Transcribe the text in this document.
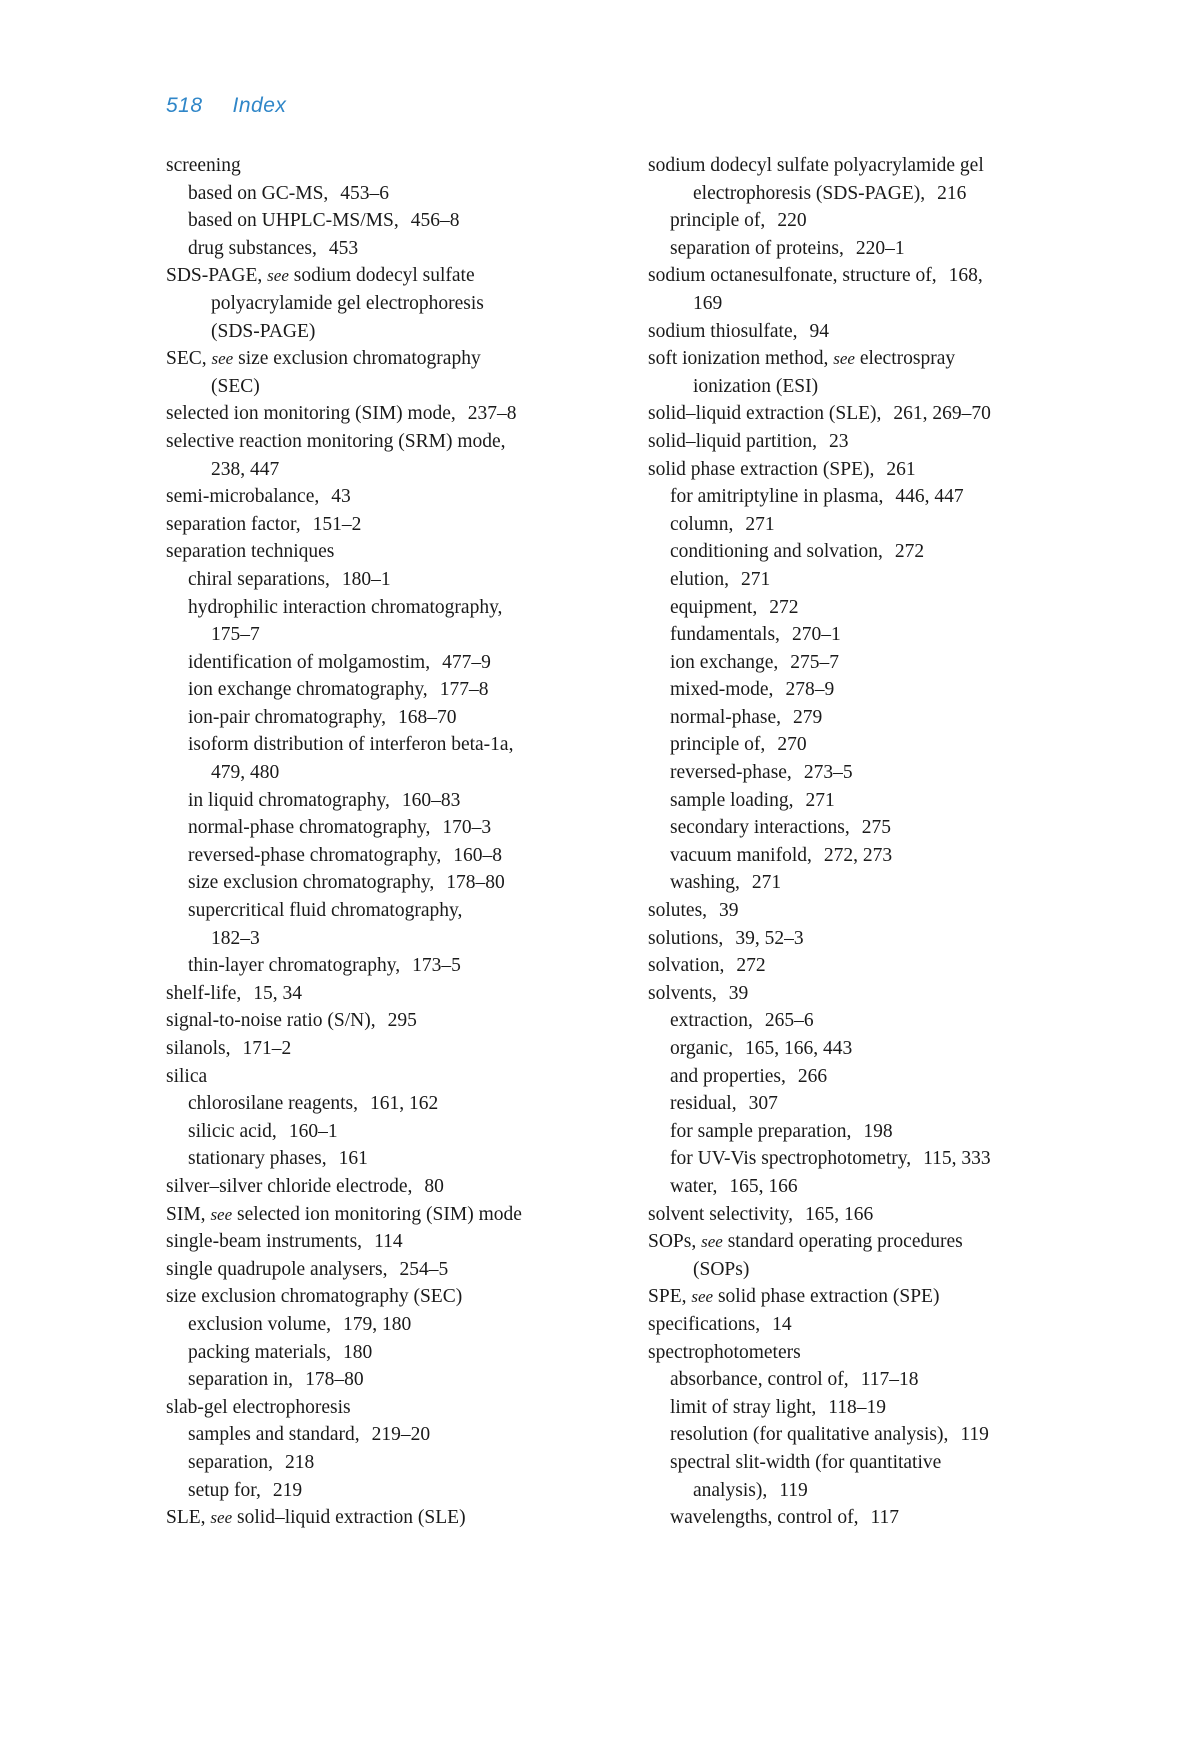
518 Index
screening
based on GC-MS, 453–6
based on UHPLC-MS/MS, 456–8
drug substances, 453
SDS-PAGE, see sodium dodecyl sulfate
polyacrylamide gel electrophoresis
(SDS-PAGE)
SEC, see size exclusion chromatography
(SEC)
selected ion monitoring (SIM) mode, 237–8
selective reaction monitoring (SRM) mode,
238, 447
semi-microbalance, 43
separation factor, 151–2
separation techniques
chiral separations, 180–1
hydrophilic interaction chromatography,
175–7
identification of molgamostim, 477–9
ion exchange chromatography, 177–8
ion-pair chromatography, 168–70
isoform distribution of interferon beta-1a,
479, 480
in liquid chromatography, 160–83
normal-phase chromatography, 170–3
reversed-phase chromatography, 160–8
size exclusion chromatography, 178–80
supercritical fluid chromatography,
182–3
thin-layer chromatography, 173–5
shelf-life, 15, 34
signal-to-noise ratio (S/N), 295
silanols, 171–2
silica
chlorosilane reagents, 161, 162
silicic acid, 160–1
stationary phases, 161
silver–silver chloride electrode, 80
SIM, see selected ion monitoring (SIM) mode
single-beam instruments, 114
single quadrupole analysers, 254–5
size exclusion chromatography (SEC)
exclusion volume, 179, 180
packing materials, 180
separation in, 178–80
slab-gel electrophoresis
samples and standard, 219–20
separation, 218
setup for, 219
SLE, see solid–liquid extraction (SLE)
sodium dodecyl sulfate polyacrylamide gel
electrophoresis (SDS-PAGE), 216
principle of, 220
separation of proteins, 220–1
sodium octanesulfonate, structure of, 168,
169
sodium thiosulfate, 94
soft ionization method, see electrospray
ionization (ESI)
solid–liquid extraction (SLE), 261, 269–70
solid–liquid partition, 23
solid phase extraction (SPE), 261
for amitriptyline in plasma, 446, 447
column, 271
conditioning and solvation, 272
elution, 271
equipment, 272
fundamentals, 270–1
ion exchange, 275–7
mixed-mode, 278–9
normal-phase, 279
principle of, 270
reversed-phase, 273–5
sample loading, 271
secondary interactions, 275
vacuum manifold, 272, 273
washing, 271
solutes, 39
solutions, 39, 52–3
solvation, 272
solvents, 39
extraction, 265–6
organic, 165, 166, 443
and properties, 266
residual, 307
for sample preparation, 198
for UV-Vis spectrophotometry, 115, 333
water, 165, 166
solvent selectivity, 165, 166
SOPs, see standard operating procedures
(SOPs)
SPE, see solid phase extraction (SPE)
specifications, 14
spectrophotometers
absorbance, control of, 117–18
limit of stray light, 118–19
resolution (for qualitative analysis), 119
spectral slit-width (for quantitative
analysis), 119
wavelengths, control of, 117
